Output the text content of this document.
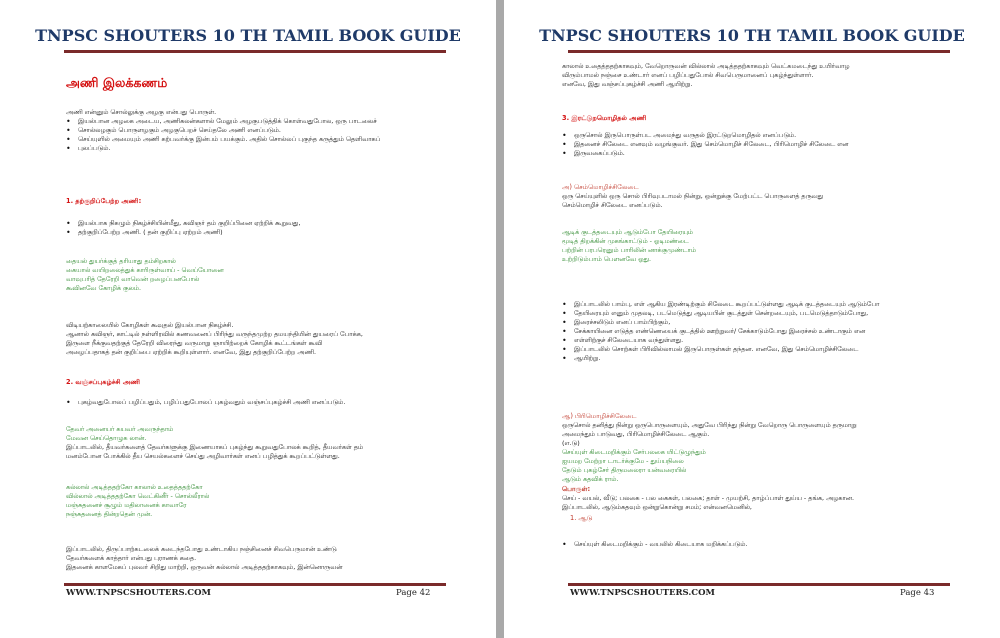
TNPSC SHOUTERS 10 TH TAMIL BOOK GUIDE
அணி இலக்கணம்
அணி என்னும் சொல்லுக்கு அழகு என்பது பொருள்.
• இயல்பான அழகை அடைய, அணிகலன்களால் மேலும் அழகுபடுத்திக் கொள்வதுபோல, ஒரு பாடலைச்
• சொல்லழகும் பொருளழகும் அழகுபெறச் செய்தலே அணி எனப்படும்.
• செய்யுளில் அமையும் அணி கற்பவர்க்கு இன்பம் பயக்கும். அதில் சொல்லப் புகுந்த கருத்தும் தெளிவாகப்
• புலப்படும்.
1. தற்குறிப்பேற்ற அணி:
• இயல்பாக நிகழும் நிகழ்ச்சியின்மீது, கவிஞர் தம் குறிப்பினை ஏற்றிக் கூறுவது,
• தற்குறிப்பேற்ற அணி. ( தன் குறிப்பு ஏற்றம் அணி)
தையல் துயர்க்குத் தரியாது தம்சிறகால்
கையால் வயிறலைத்துக் காரிருள்வாய் - வெய்யோனை
வாவுபரித் தேரேறி வாவென் றழைப்பனபோல்
கூவினவே கோழிக் குலம்.
விடியற்காலையில் கோழிகள் கூவுதல் இயல்பான நிகழ்ச்சி.
ஆனால் கவிஞர், காட்டில் நள்ளிரவில் கணவனைப் பிரிந்து வருந்தமுற்ற தமயந்தியின் துயரைப் போக்க,
இருளை நீக்குவதற்குத் தேரேறி விரைந்து வருமாறு ஞாயிற்றைக் கோழிக் கூட்டங்கள் கூவி
அழைப்பதாகத் தன் குறிப்பை ஏற்றிக் கூறியுள்ளார். எனவே, இது தற்குறிப்பேற்ற அணி.
2. வஞ்சப்புகழ்ச்சி அணி
• புகழ்வதுபோலப் பழிப்பதும், பழிப்பதுபோலப் புகழ்வதும் வஞ்சப்புகழ்ச்சி அணி எனப்படும்.
தேவர் அனையர் கயவர் அவருந்தாம்
மேவன செய்தொழுக லான்.
இப்பாடலில், தீயவர்களைத் தேவர்களுக்கு இணையாகப் புகழ்ந்து கூறுவதுபோலக் கூறித், தீயவர்கள் தம்
மனம்போன போக்கில் தீய செயல்களைச் செய்து அழிவார்கள் எனப் பழித்துக் கூறப்பட்டுள்ளது.
கல்லால் அடித்ததற்கோ காலால் உதைத்ததற்கோ
வில்லால் அடித்ததற்கோ வெட்கினீர் - சொல்லீரால்
மஞ்சுதனைச் சூழும் மதிலானைக் காவாரே
நஞ்சுதனைத் தின்றதென் முன்.
இப்பாடலில், திருப்பாற்கடலைக் கடைந்தபோது உண்டாகிய நஞ்சினைச் சிவபெருமான் உண்டு
தேவர்களைக் காத்தார் என்பது புராணக் கதை.
இதனைக் காளமேகப் புலவர் சிறிது மாற்றி, ஒருவன் கல்லால் அடித்ததற்காகவும், இன்னொருவன்
WWW.TNPSCSHOUTERS.COM	Page 42
TNPSC SHOUTERS 10 TH TAMIL BOOK GUIDE
காலால் உதைத்ததற்காகவும், வேறொருவன் வில்லால் அடித்ததற்காகவும் வெட்கமடைந்து உயிர்வாழ
விரும்பாமல் நஞ்சை உண்டார் எனப் பழிப்பதுபோல் சிவபெருமானைப் புகழ்ந்துள்ளார்.
எனவே, இது வஞ்சப்புகழ்ச்சி அணி ஆயிற்று.
3. இரட்டுறமொழிதல் அணி
• ஒருசொல் இருபொருள்பட அமைந்து வருதல் இரட்டுறமொழிதல் எனப்படும்.
• இதனைச் சிலேடை எனவும் வழங்குவர். இது செம்மொழிச் சிலேடை, பிரிமொழிச் சிலேடை என
• இருவகைப்படும்.
அ) செம்மொழிச்சிலேடை
ஒரு செய்யுளில் ஒரு சொல் பிரிவுபடாமல் நின்று, ஒன்றுக்கு மேற்பட்ட பொருளைத் தருவது
செம்மொழிச் சிலேடை எனப்படும்.
ஆடிக் குடத்தடையும் ஆடும்போ தேயிரையும்
மூடித் திறக்கின் முகங்காட்டும் - ஓடிமண்டை
பற்றின் பரபரெனும் பாரிலின் னாக்குமுண்டாம்
உற்றிடும்பாம் பௌனவே ஓது.
• இப்பாடலில் பாம்பு, எள் ஆகிய இரண்டிற்கும் சிலேடை கூறப்பட்டுள்ளது ஆடிக் குடத்தடையும் ஆடும்போ
• தேயிரையும் எனும் முதலடி, படமெடுத்து ஆடியபின் குடத்துள் சென்றடையும், படமெடுத்தாடும்போது,
• இரைச்சலிடும் எனப் பாம்பிற்கும்,
• சேக்காயினை எடுத்த எண்ணெயைக் குடத்தில் ஊற்றுவர்/ சேக்காடும்போது இரைச்சல் உண்டாகும் என
• எள்ளிற்குச் சிலேடையாக வந்துள்ளது.
• இப்பாடலில் சொற்கள் பிரிவில்லாமல் இருபொருள்கள் தந்தன. எனவே, இது செம்மொழிச்சிலேடை
• ஆயிற்று.
ஆ) பிரிமொழிச்சிலேடை
ஒருசொல் தனித்து நின்று ஒருபொருளையும், அதுவே பிரிந்து நின்று வேறொரு பொருளையும் தருமாறு
அமைந்தும் பாடுவது, பிரிமொழிச்சிலேடை ஆகும்.
(எ.டு)
செய்யுள் கிடைமறிக்கும் சேர்பலகை யிட்டுழுந்தும்
ஐயமற மேற்றா டாடர்க்குமே - துய்யநிலை
தேடும் புகழ்சேர் திருமலைரா யன்வரையில்
ஆடும் கதவிக் ராம்.
பொருள்:
செய் - வயல், வீடு; பலகை - பல கைகள், பலகை; தாள் - முயற்சி, தாழ்ப்பாள் துய்ய - தங்க, அழகான.
இப்பாடலில், ஆடும்கதவும் ஒன்றுகொன்று சமம்; என்வனமெனில்,
1. ஆடு
• செய்யுள் கிடைமறிக்கும் - வயலில் கிடையாக மறிக்கப்படும்.
WWW.TNPSCSHOUTERS.COM	Page 43
